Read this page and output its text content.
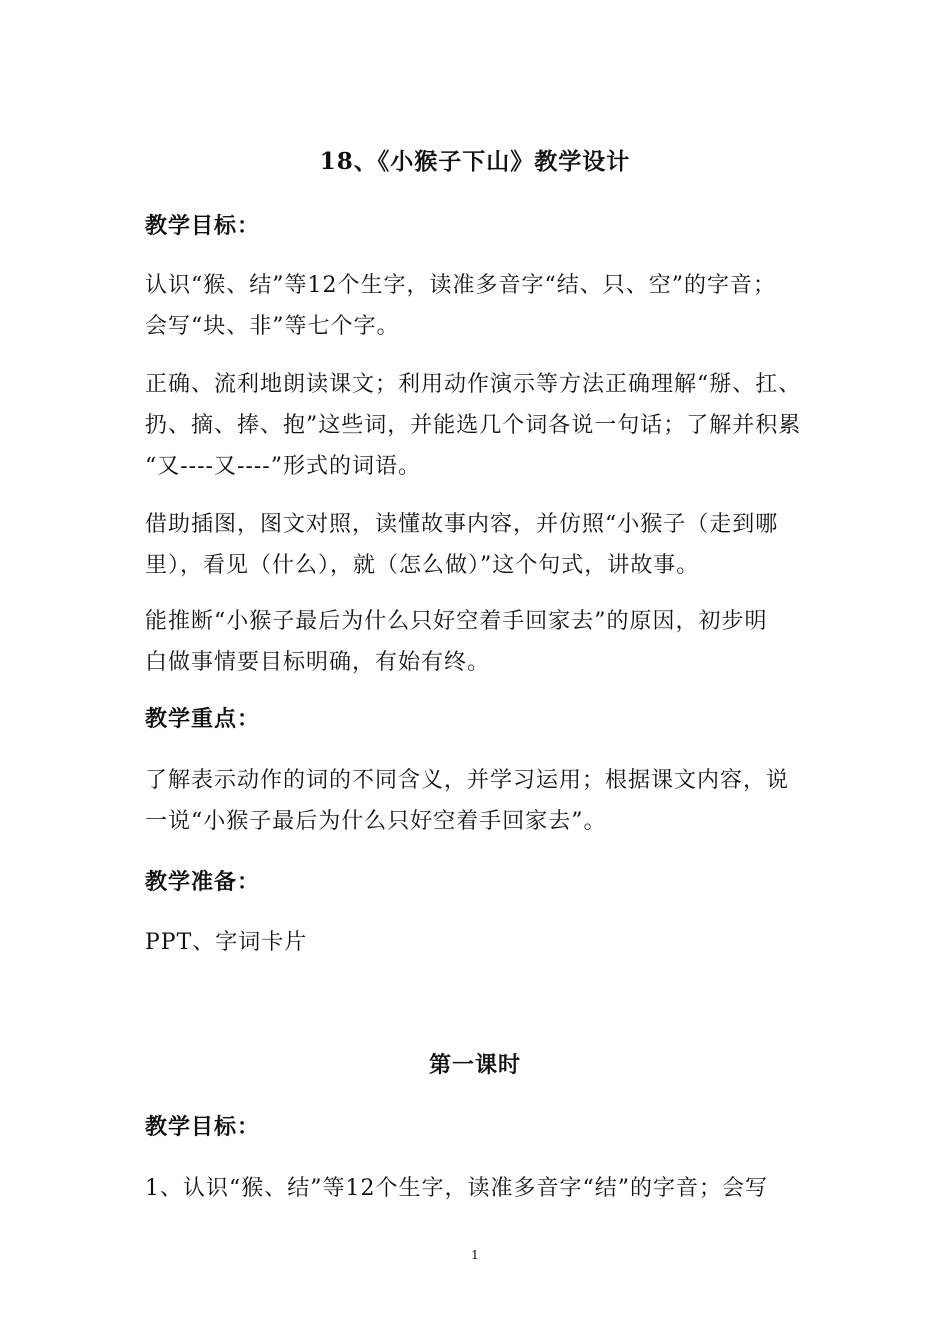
18、《小猴子下山》教学设计
教学目标：

认识“猴、结”等12个生字，读准多音字“结、只、空”的字音；
会写“块、非”等七个字。

正确、流利地朗读课文；利用动作演示等方法正确理解“掰、扛、
扔、摘、捧、抱”这些词，并能选几个词各说一句话；了解并积累
“又----又----”形式的词语。

借助插图，图文对照，读懂故事内容，并仿照“小猴子（走到哪
里），看见（什么），就（怎么做）”这个句式，讲故事。

能推断“小猴子最后为什么只好空着手回家去”的原因，初步明
白做事情要目标明确，有始有终。

教学重点：

了解表示动作的词的不同含义，并学习运用；根据课文内容，说
一说“小猴子最后为什么只好空着手回家去”。

教学准备：

PPT、字词卡片

第一课时
教学目标：

1、认识“猴、结”等12个生字，读准多音字“结”的字音；会写

1
